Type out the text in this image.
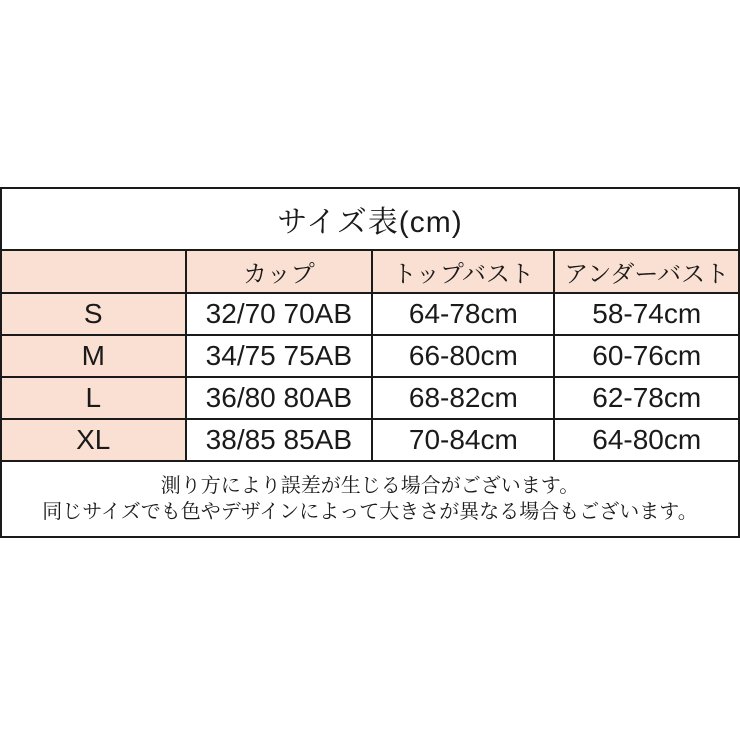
サイズ表(cm)			
	カップ	トップバスト	アンダーバスト
S	32/70 70AB	64-78cm	58-74cm
M	34/75 75AB	66-80cm	60-76cm
L	36/80 80AB	68-82cm	62-78cm
XL	38/85 85AB	70-84cm	64-80cm

測り方により誤差が生じる場合がございます。
同じサイズでも色やデザインによって大きさが異なる場合もございます。			
